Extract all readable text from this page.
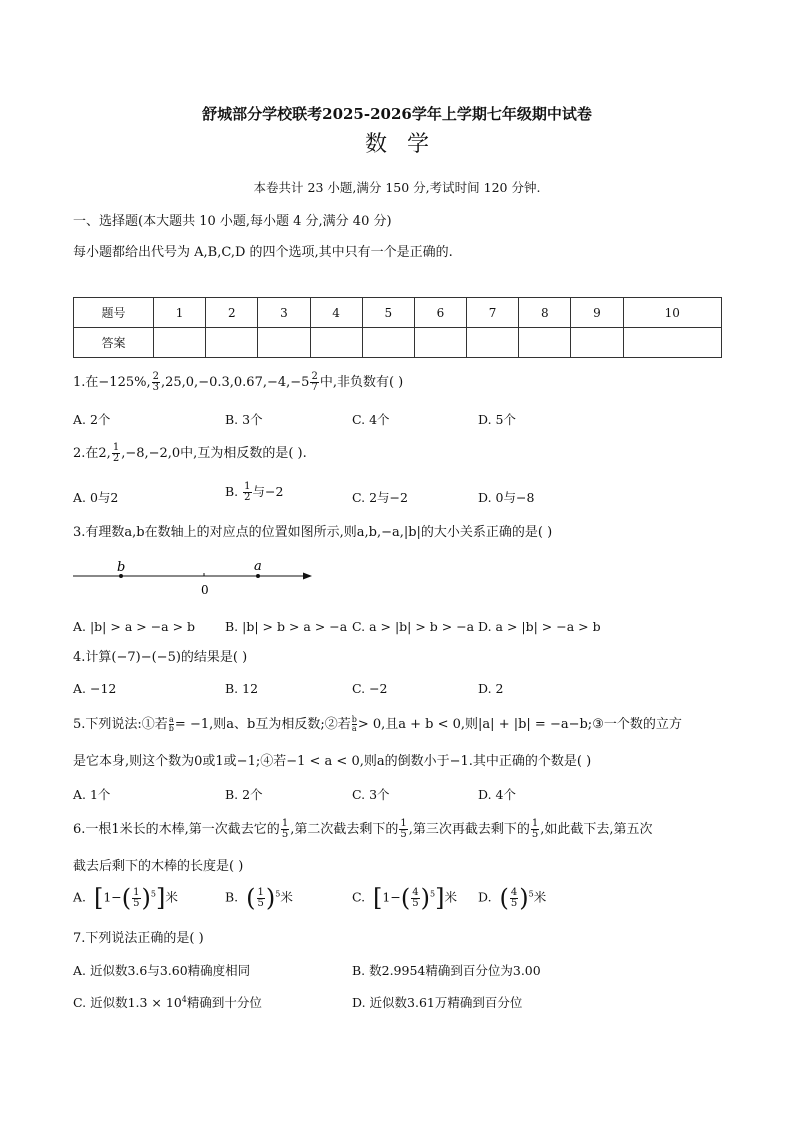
舒城部分学校联考2025-2026学年上学期七年级期中试卷
数学
本卷共计 23 小题,满分 150 分,考试时间 120 分钟.
一、选择题(本大题共 10 小题,每小题 4 分,满分 40 分)
每小题都给出代号为 A,B,C,D 的四个选项,其中只有一个是正确的.
题号	1	2	3	4	5	6	7	8	9	10
答案										
1.在−125%, $\frac{2}{3} ,25,0,-0.3,0.67,-4,-5 \frac{2}{7}$ 中,非负数有( )
A. 2个	B. 3个	C. 4个	D. 5个
2.在2, $\frac{1}{2} ,-8,-2,0$中,互为相反数的是( ).
A. 0与2	B. $\frac{1}{2}$ 与−2	C. 2与−2	D. 0与−8
3.有理数a,b在数轴上的对应点的位置如图所示,则a,b,−a,|b|的大小关系正确的是( )
b	a
0
A. |b| > a > −a > b B. |b| > b > a > −a C. a > |b| > b > −a D. a > |b| > −a > b
4.计算(−7)−(−5)的结果是( )
A. −12	B. 12	C. −2	D. 2
5.下列说法:①若 $\frac{a}{b} = -1$,则a、b互为相反数;②若 $\frac{b}{a} > 0$,且a + b < 0,则|a| + |b| = −a−b;③一个数的立方
是它本身,则这个数为0或1或−1;④若−1 < a < 0,则a的倒数小于−1.其中正确的个数是( )
A. 1个	B. 2个	C. 3个	D. 4个
6.一根1米长的木棒,第一次截去它的 $\frac{1}{5}$ ,第二次截去剩下的 $\frac{1}{5}$ ,第三次再截去剩下的 $\frac{1}{5}$ ,如此截下去,第五次
截去后剩下的木棒的长度是( )
A. $[1-( \frac{1}{5} )^5]$米	B. ( $\frac{1}{5} )^5$米	C. $[1-( \frac{4}{5} )^5]$米 D. ( $\frac{4}{5} )^5$米
7.下列说法正确的是( )
A. 近似数3.6与3.60精确度相同	B. 数2.9954精确到百分位为3.00
C. 近似数$1.3 \times 10^4$精确到十分位	D. 近似数3.61万精确到百分位
